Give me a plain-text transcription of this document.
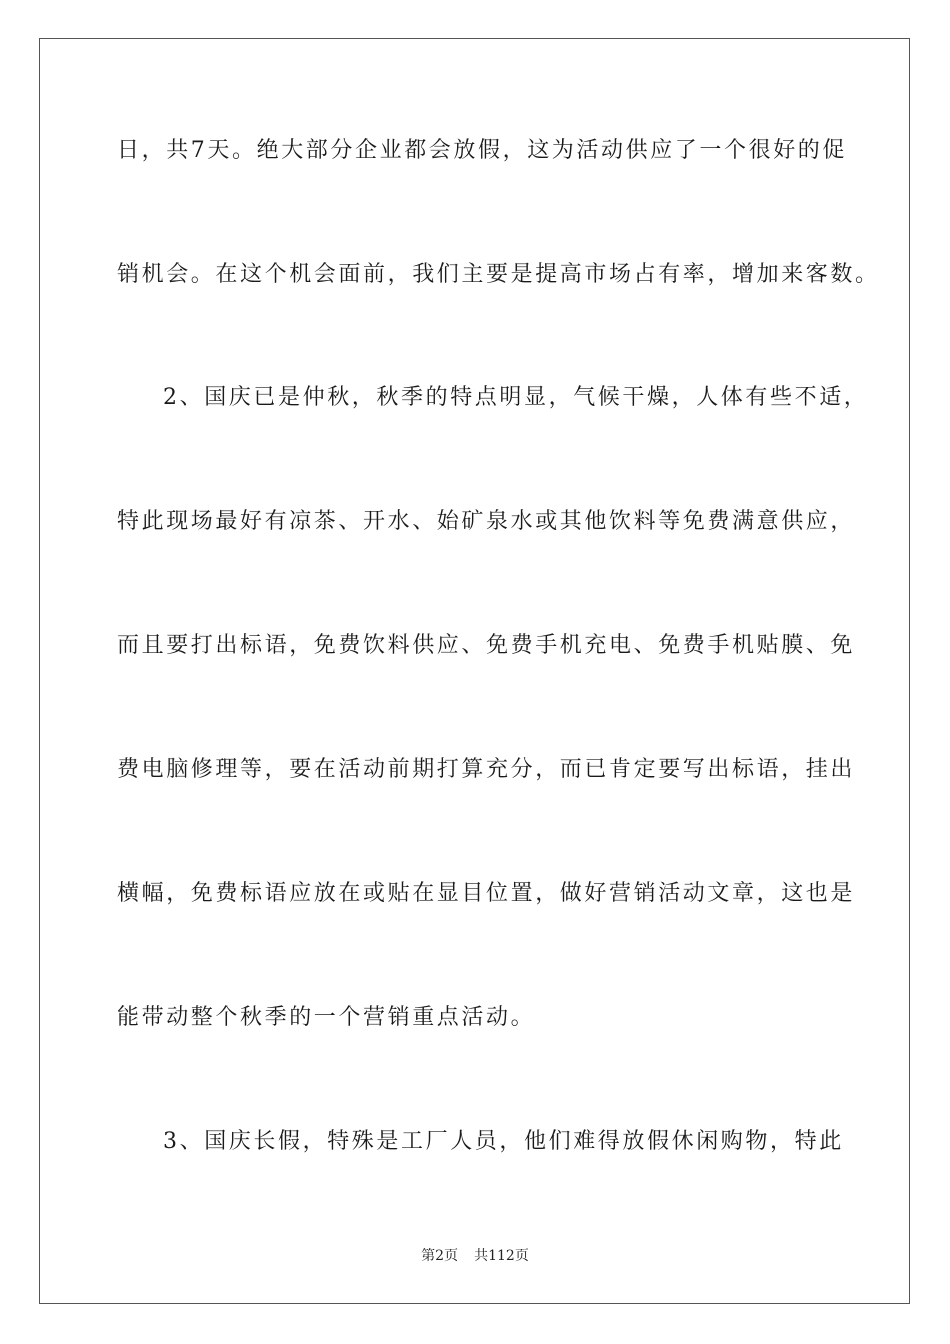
日，共7天。绝大部分企业都会放假，这为活动供应了一个很好的促
销机会。在这个机会面前，我们主要是提高市场占有率，增加来客数。
2、国庆已是仲秋，秋季的特点明显，气候干燥，人体有些不适，
特此现场最好有凉茶、开水、始矿泉水或其他饮料等免费满意供应，
而且要打出标语，免费饮料供应、免费手机充电、免费手机贴膜、免
费电脑修理等，要在活动前期打算充分，而已肯定要写出标语，挂出
横幅，免费标语应放在或贴在显目位置，做好营销活动文章，这也是
能带动整个秋季的一个营销重点活动。
3、国庆长假，特殊是工厂人员，他们难得放假休闲购物，特此
第2页 共112页
